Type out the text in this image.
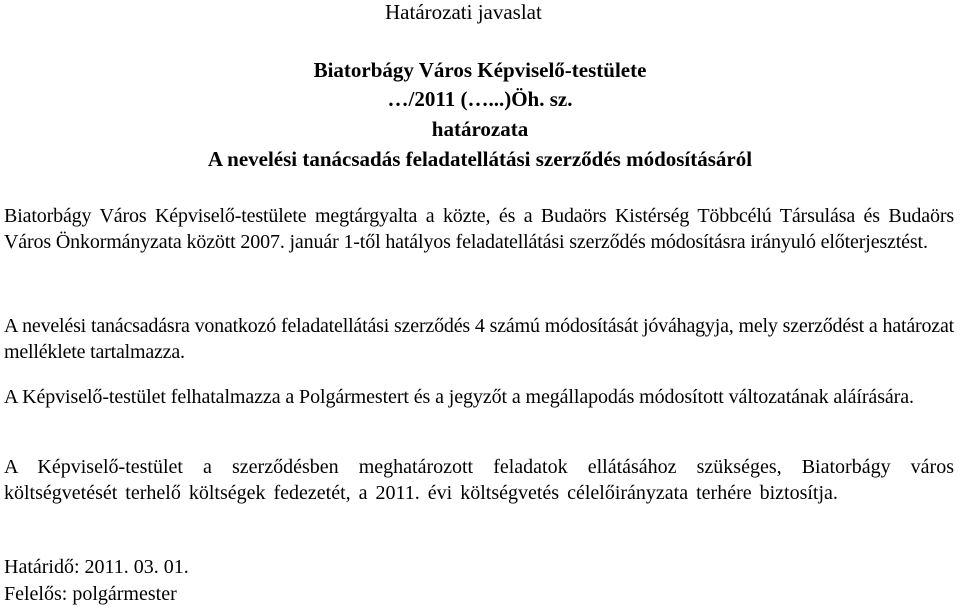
Határozati javaslat
Biatorbágy Város Képviselő-testülete
…/2011 (…...)Öh. sz.
határozata
A nevelési tanácsadás feladatellátási szerződés módosításáról

Biatorbágy Város Képviselő-testülete megtárgyalta a közte, és a Budaörs Kistérség Többcélú Társulása és Budaörs Város Önkormányzata között 2007. január 1-től hatályos feladatellátási szerződés módosításra irányuló előterjesztést.

A nevelési tanácsadásra vonatkozó feladatellátási szerződés 4 számú módosítását jóváhagyja, mely szerződést a határozat melléklete tartalmazza.

A Képviselő-testület felhatalmazza a Polgármestert és a jegyzőt a megállapodás módosított változatának aláírására.

A Képviselő-testület a szerződésben meghatározott feladatok ellátásához szükséges, Biatorbágy város költségvetését terhelő költségek fedezetét, a 2011. évi költségvetés célelőirányzata terhére biztosítja.

Határidő: 2011. 03. 01.
Felelős: polgármester
